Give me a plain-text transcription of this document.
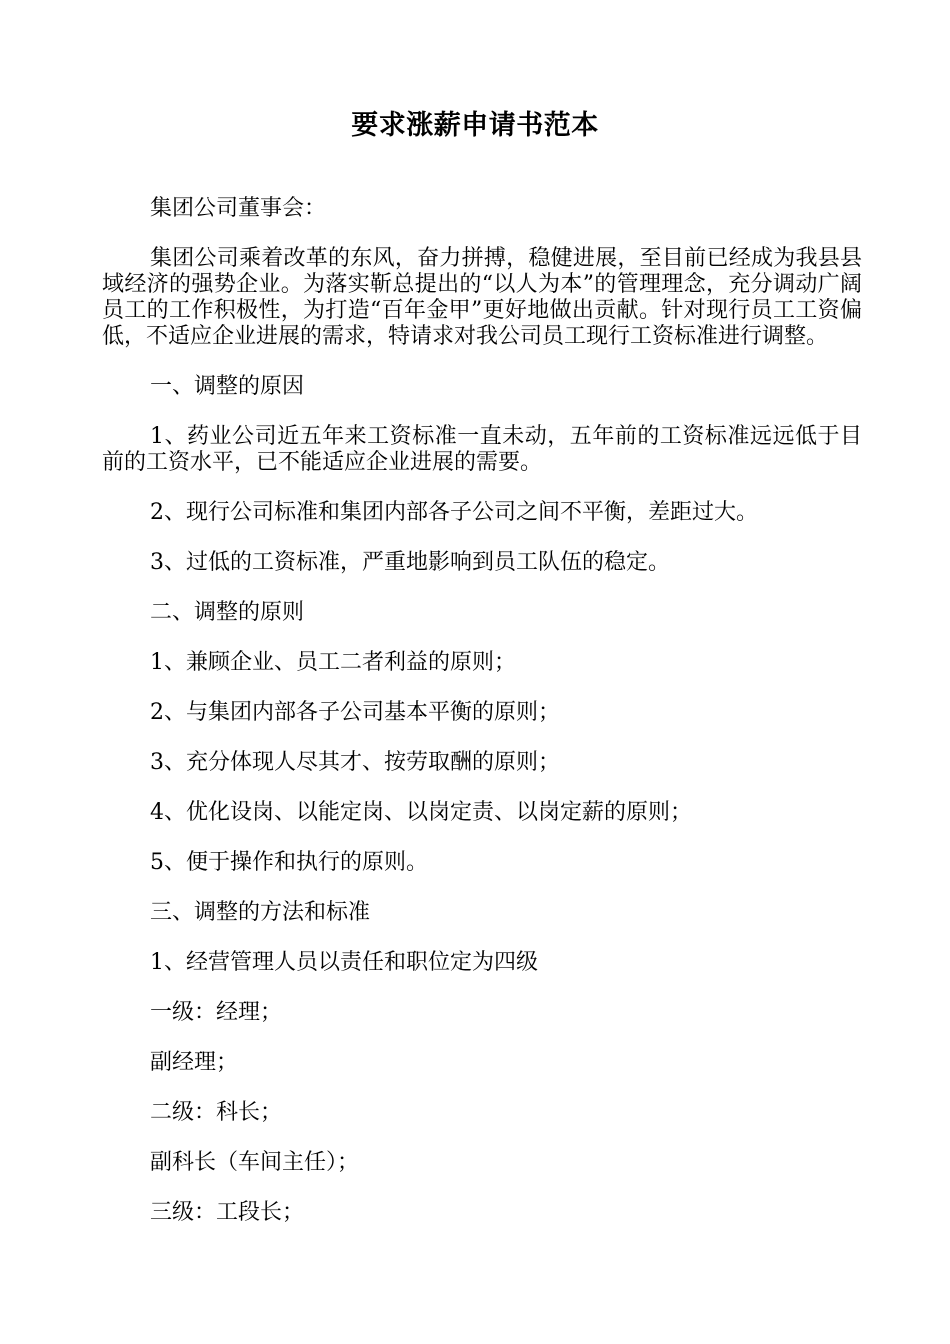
要求涨薪申请书范本

集团公司董事会：

集团公司乘着改革的东风，奋力拼搏，稳健进展，至目前已经成为我县县域经济的强势企业。为落实靳总提出的“以人为本”的管理理念，充分调动广阔员工的工作积极性，为打造“百年金甲”更好地做出贡献。针对现行员工工资偏低，不适应企业进展的需求，特请求对我公司员工现行工资标准进行调整。

一、调整的原因

1、药业公司近五年来工资标准一直未动，五年前的工资标准远远低于目前的工资水平，已不能适应企业进展的需要。

2、现行公司标准和集团内部各子公司之间不平衡，差距过大。

3、过低的工资标准，严重地影响到员工队伍的稳定。

二、调整的原则

1、兼顾企业、员工二者利益的原则；

2、与集团内部各子公司基本平衡的原则；

3、充分体现人尽其才、按劳取酬的原则；

4、优化设岗、以能定岗、以岗定责、以岗定薪的原则；

5、便于操作和执行的原则。

三、调整的方法和标准

1、经营管理人员以责任和职位定为四级

一级：经理；

副经理；

二级：科长；

副科长（车间主任）；

三级：工段长；
